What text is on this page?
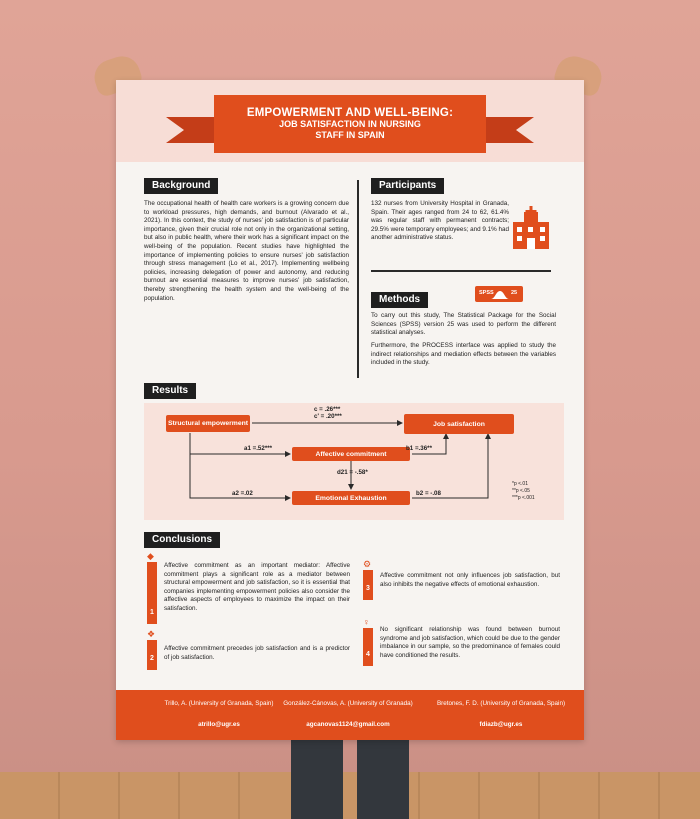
EMPOWERMENT AND WELL-BEING:
JOB SATISFACTION IN NURSING
STAFF IN SPAIN
Background
The occupational health of health care workers is a growing concern due to workload pressures, high demands, and burnout (Alvarado et al., 2021). In this context, the study of nurses' job satisfaction is of particular importance, given their crucial role not only in the organizational setting, but also in public health, where their work has a significant impact on the well-being of the population. Recent studies have highlighted the importance of implementing policies to ensure nurses' job satisfaction through stress management (Lo et al., 2017). Implementing wellbeing policies, increasing delegation of power and autonomy, and reducing burnout are essential measures to improve nurses' job satisfaction, thereby strengthening the health system and the well-being of the population.
Participants
132 nurses from University Hospital in Granada, Spain. Their ages ranged from 24 to 62, 61.4% was regular staff with permanent contracts; 29.5% were temporary employees; and 9.1% had another administrative status.
Methods
SPSS	25
To carry out this study, The Statistical Package for the Social Sciences (SPSS) version 25 was used to perform the different statistical analyses.
Furthermore, the PROCESS interface was applied to study the indirect relationships and mediation effects between the variables included in the study.
Results
Structural empowerment	Job satisfaction
Affective commitment
Emotional Exhaustion
c = .26***
c' = .20***
b1 =.36**
a1 =.52***
d21 = -.58*
a2 =.02	b2 = -.08
*p <.01
**p <.05
***p <.001
Conclusions
◆
1
Affective commitment as an important mediator: Affective commitment plays a significant role as a mediator between structural empowerment and job satisfaction, so it is essential that companies implementing empowerment policies also consider the affective aspects of employees to maximize the impact on their satisfaction.
❖
2
Affective commitment precedes job satisfaction and is a predictor of job satisfaction.
⚙
3
Affective commitment not only influences job satisfaction, but also inhibits the negative effects of emotional exhaustion.
♀
4
No significant relationship was found between burnout syndrome and job satisfaction, which could be due to the gender imbalance in our sample, so the predominance of females could have conditioned the results.
Trillo, A. (University of Granada, Spain)
atrillo@ugr.es
González-Cánovas, A. (University of Granada)
agcanovas1124@gmail.com
Bretones, F. D. (University of Granada, Spain)
fdiazb@ugr.es
